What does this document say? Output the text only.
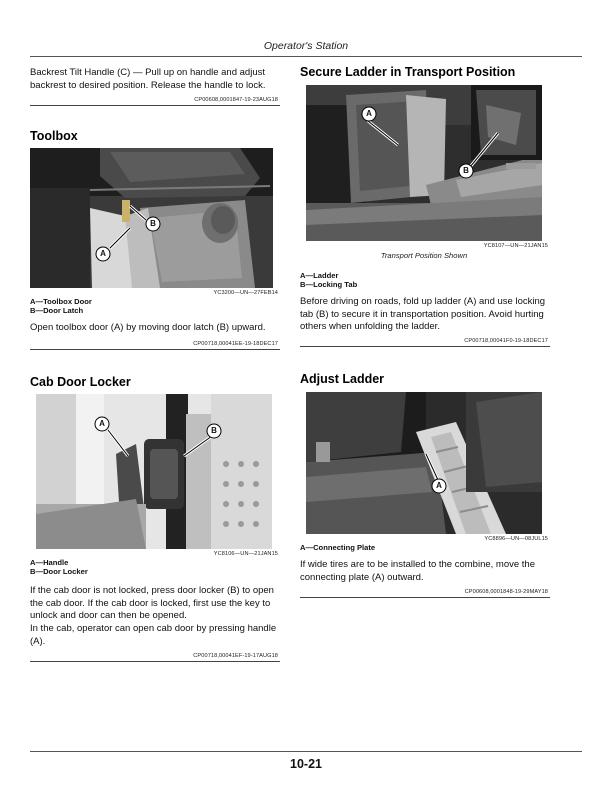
Operator's Station
Backrest Tilt Handle (C) — Pull up on handle and adjust backrest to desired position. Release the handle to lock.
CP00608,0001847-19-23AUG18
Toolbox
A
B
YC3200—UN—27FEB14
A—Toolbox Door
B—Door Latch
Open toolbox door (A) by moving door latch (B) upward.
CP00718,00041EE-19-18DEC17
Cab Door Locker
A
B
YC8106—UN—21JAN15
A—Handle
B—Door Locker
If the cab door is not locked, press door locker (B) to open the cab door. If the cab door is locked, first use the key to unlock and door can then be opened.
In the cab, operator can open cab door by pressing handle (A).
CP00718,00041EF-19-17AUG18
Secure Ladder in Transport Position
A
B
YC8107—UN—21JAN15
Transport Position Shown
A—Ladder
B—Locking Tab
Before driving on roads, fold up ladder (A) and use locking tab (B) to secure it in transportation position. Avoid hurting others when unfolding the ladder.
CP00718,00041F0-19-18DEC17
Adjust Ladder
A
YC8896—UN—08JUL15
A—Connecting Plate
If wide tires are to be installed to the combine, move the connecting plate (A) outward.
CP00608,0001848-19-29MAY18
10-21
